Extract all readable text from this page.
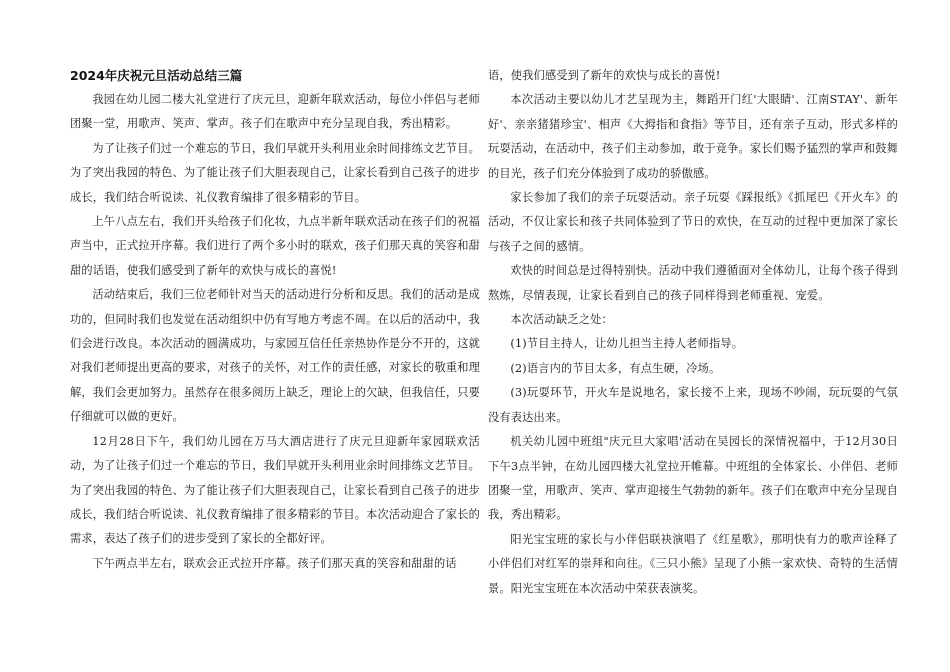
2024年庆祝元旦活动总结三篇

我园在幼儿园二楼大礼堂进行了庆元旦，迎新年联欢活动，每位小伴侣与老师团聚一堂，用歌声、笑声、掌声。孩子们在歌声中充分呈现自我，秀出精彩。

为了让孩子们过一个难忘的节日，我们早就开头利用业余时间排练文艺节目。为了突出我园的特色、为了能让孩子们大胆表现自己，让家长看到自己孩子的进步成长，我们结合听说读、礼仪教育编排了很多精彩的节目。

上午八点左右，我们开头给孩子们化妆，九点半新年联欢活动在孩子们的祝福声当中，正式拉开序幕。我们进行了两个多小时的联欢，孩子们那天真的笑容和甜甜的话语，使我们感受到了新年的欢快与成长的喜悦!

活动结束后，我们三位老师针对当天的活动进行分析和反思。我们的活动是成功的，但同时我们也发觉在活动组织中仍有写地方考虑不周。在以后的活动中，我们会进行改良。本次活动的圆满成功，与家园互信任任亲热协作是分不开的，这就对我们老师提出更高的要求，对孩子的关怀，对工作的责任感，对家长的敬重和理解，我们会更加努力。虽然存在很多阅历上缺乏，理论上的欠缺，但我信任，只要仔细就可以做的更好。

12月28日下午，我们幼儿园在万马大酒店进行了庆元旦迎新年家园联欢活动，为了让孩子们过一个难忘的节日，我们早就开头利用业余时间排练文艺节目。为了突出我园的特色、为了能让孩子们大胆表现自己，让家长看到自己孩子的进步成长，我们结合听说读、礼仪教育编排了很多精彩的节目。本次活动迎合了家长的需求，表达了孩子们的进步受到了家长的全都好评。

下午两点半左右，联欢会正式拉开序幕。孩子们那天真的笑容和甜甜的话

语，使我们感受到了新年的欢快与成长的喜悦!

本次活动主要以幼儿才艺呈现为主，舞蹈开门红'大眼睛'、江南STAY'、新年好'、亲亲猪猪珍宝'、相声《大拇指和食指》等节目，还有亲子互动，形式多样的玩耍活动，在活动中，孩子们主动参加，敢于竞争。家长们赐予猛烈的掌声和鼓舞的目光，孩子们充分体验到了成功的骄傲感。

家长参加了我们的亲子玩耍活动。亲子玩耍《踩报纸》《抓尾巴《开火车》的活动，不仅让家长和孩子共同体验到了节日的欢快，在互动的过程中更加深了家长与孩子之间的感情。

欢快的时间总是过得特别快。活动中我们遵循面对全体幼儿，让每个孩子得到熬炼，尽情表现，让家长看到自己的孩子同样得到老师重视、宠爱。

本次活动缺乏之处：

(1)节目主持人，让幼儿担当主持人老师指导。

(2)语言内的节目太多，有点生硬，冷场。

(3)玩耍环节，开火车是说地名，家长接不上来，现场不吵闹，玩玩耍的气氛没有表达出来。

机关幼儿园中班组"庆元旦大家唱'活动在吴园长的深情祝福中，于12月30日下午3点半钟，在幼儿园四楼大礼堂拉开帷幕。中班组的全体家长、小伴侣、老师团聚一堂，用歌声、笑声、掌声迎接生气勃勃的新年。孩子们在歌声中充分呈现自我，秀出精彩。

阳光宝宝班的家长与小伴侣联袂演唱了《红星歌》，那明快有力的歌声诠释了小伴侣们对红军的崇拜和向往。《三只小熊》呈现了小熊一家欢快、奇特的生活情景。阳光宝宝班在本次活动中荣获表演奖。
